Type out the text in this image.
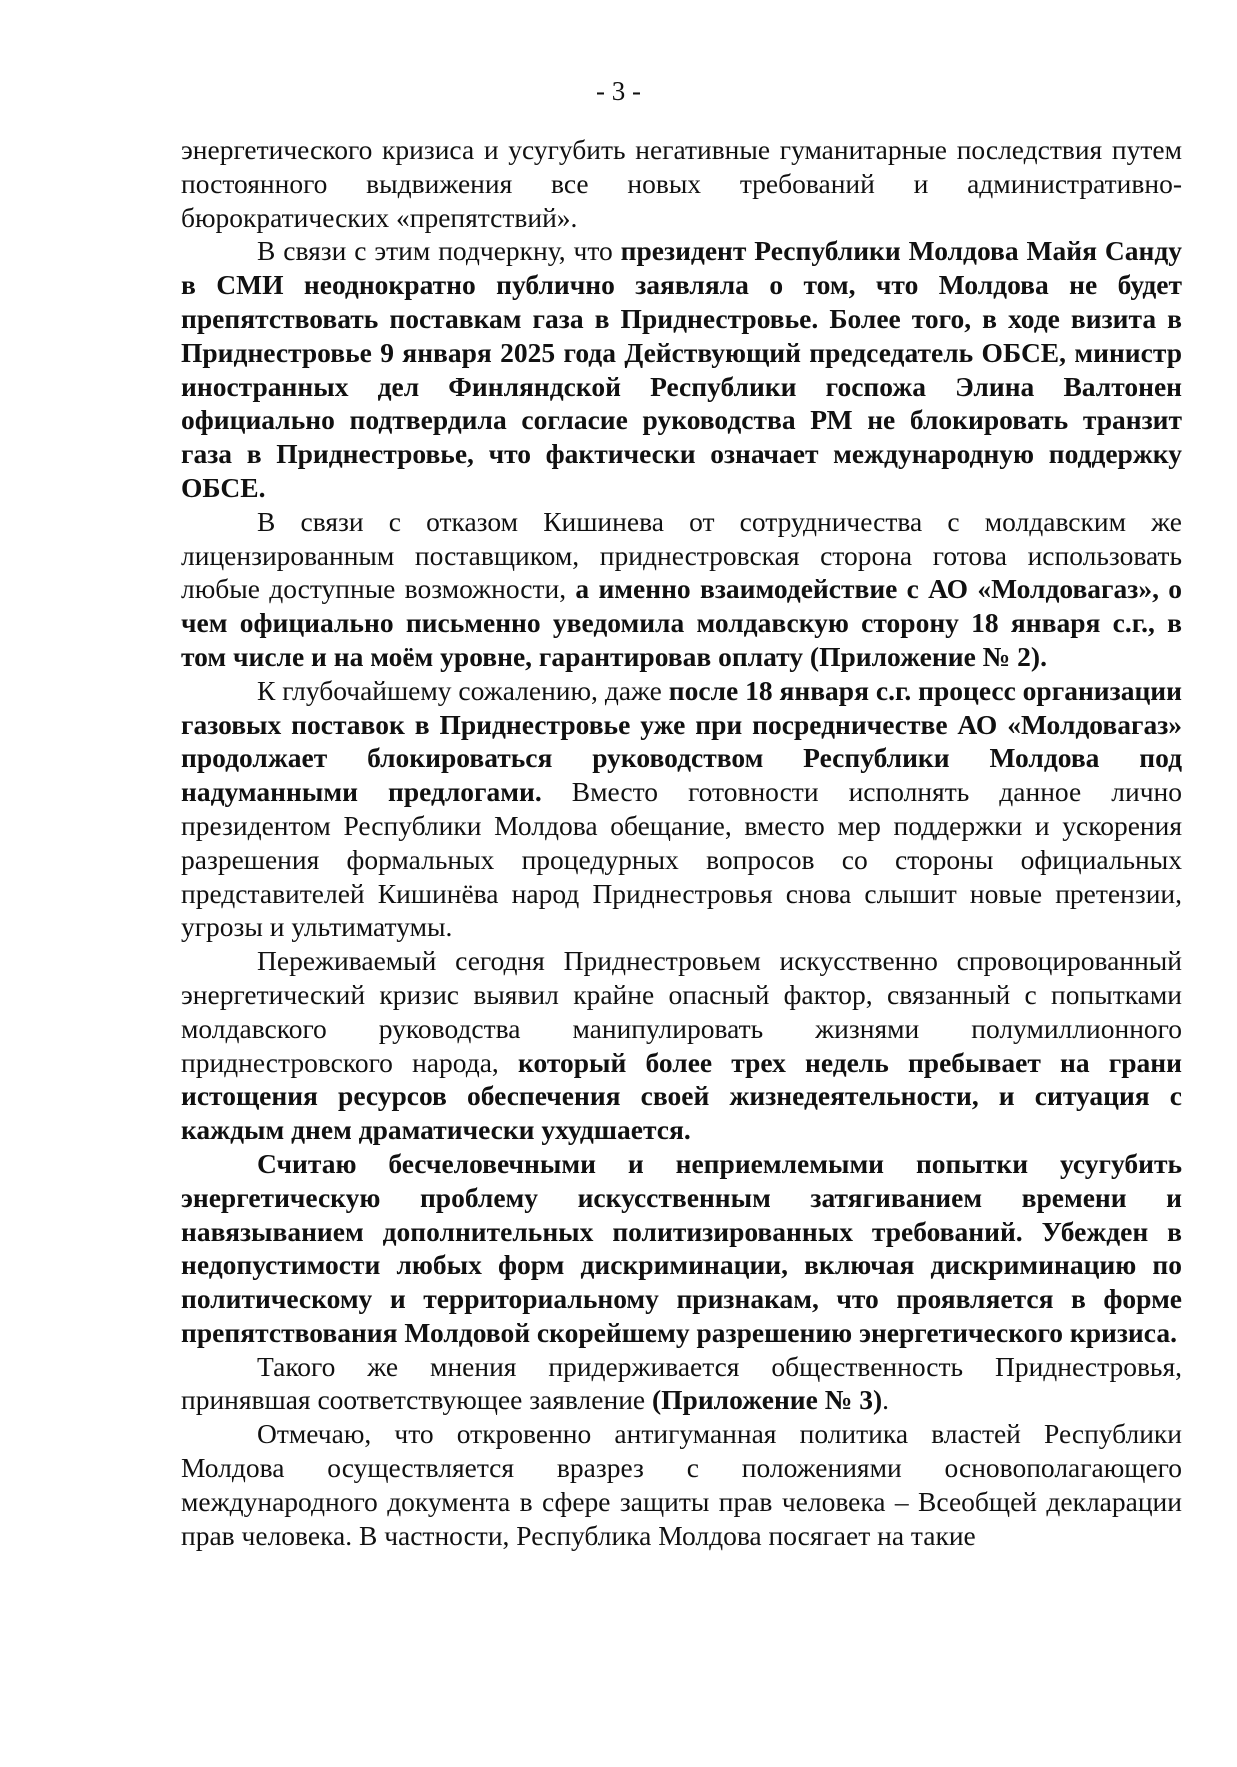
- 3 -

энергетического кризиса и усугубить негативные гуманитарные последствия путем постоянного выдвижения все новых требований и административно-бюрократических «препятствий».

В связи с этим подчеркну, что президент Республики Молдова Майя Санду в СМИ неоднократно публично заявляла о том, что Молдова не будет препятствовать поставкам газа в Приднестровье. Более того, в ходе визита в Приднестровье 9 января 2025 года Действующий председатель ОБСЕ, министр иностранных дел Финляндской Республики госпожа Элина Валтонен официально подтвердила согласие руководства РМ не блокировать транзит газа в Приднестровье, что фактически означает международную поддержку ОБСЕ.

В связи с отказом Кишинева от сотрудничества с молдавским же лицензированным поставщиком, приднестровская сторона готова использовать любые доступные возможности, а именно взаимодействие с АО «Молдовагаз», о чем официально письменно уведомила молдавскую сторону 18 января с.г., в том числе и на моём уровне, гарантировав оплату (Приложение № 2).

К глубочайшему сожалению, даже после 18 января с.г. процесс организации газовых поставок в Приднестровье уже при посредничестве АО «Молдовагаз» продолжает блокироваться руководством Республики Молдова под надуманными предлогами. Вместо готовности исполнять данное лично президентом Республики Молдова обещание, вместо мер поддержки и ускорения разрешения формальных процедурных вопросов со стороны официальных представителей Кишинёва народ Приднестровья снова слышит новые претензии, угрозы и ультиматумы.

Переживаемый сегодня Приднестровьем искусственно спровоцированный энергетический кризис выявил крайне опасный фактор, связанный с попытками молдавского руководства манипулировать жизнями полумиллионного приднестровского народа, который более трех недель пребывает на грани истощения ресурсов обеспечения своей жизнедеятельности, и ситуация с каждым днем драматически ухудшается.

Считаю бесчеловечными и неприемлемыми попытки усугубить энергетическую проблему искусственным затягиванием времени и навязыванием дополнительных политизированных требований. Убежден в недопустимости любых форм дискриминации, включая дискриминацию по политическому и территориальному признакам, что проявляется в форме препятствования Молдовой скорейшему разрешению энергетического кризиса.

Такого же мнения придерживается общественность Приднестровья, принявшая соответствующее заявление (Приложение № 3).

Отмечаю, что откровенно антигуманная политика властей Республики Молдова осуществляется вразрез с положениями основополагающего международного документа в сфере защиты прав человека – Всеобщей декларации прав человека. В частности, Республика Молдова посягает на такие
